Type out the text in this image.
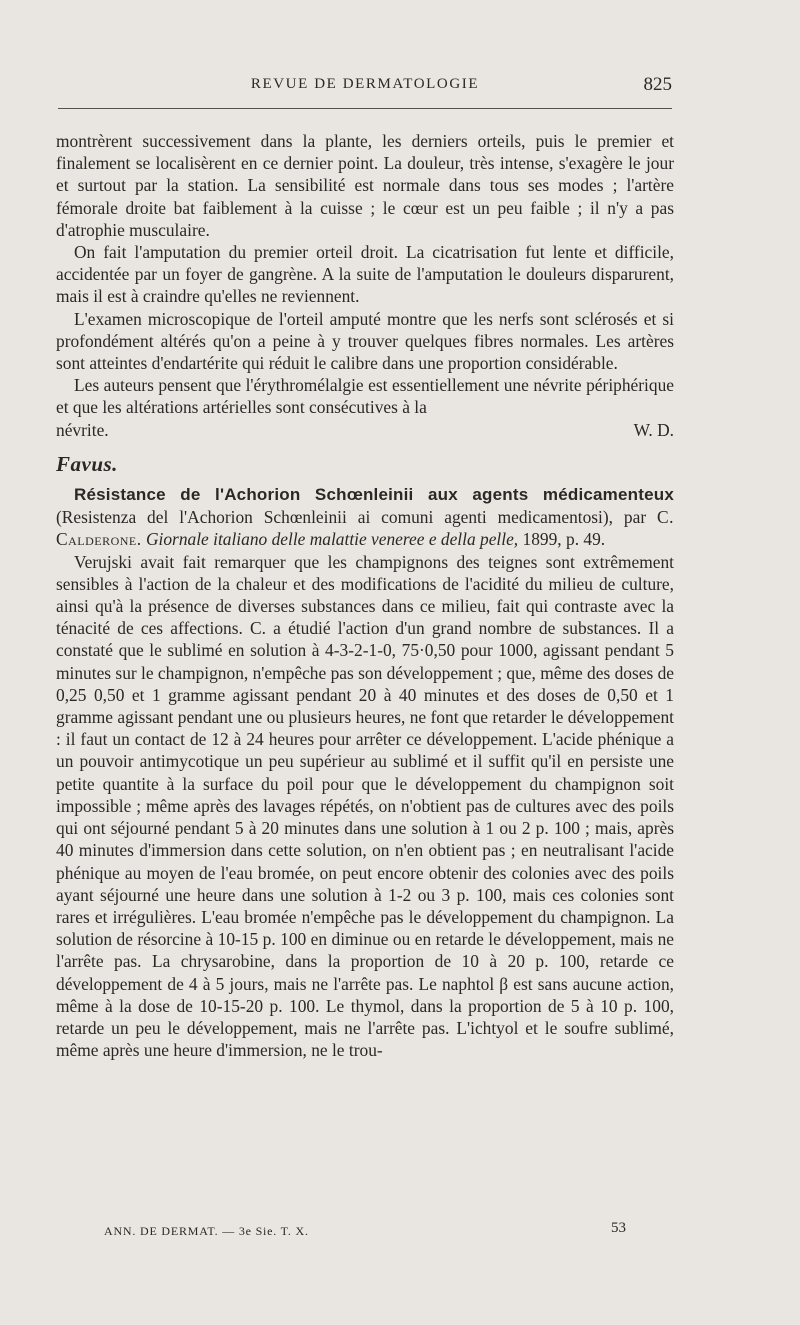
REVUE DE DERMATOLOGIE	825

montrèrent successivement dans la plante, les derniers orteils, puis le premier et finalement se localisèrent en ce dernier point. La douleur, très intense, s'exagère le jour et surtout par la station. La sensibilité est normale dans tous ses modes ; l'artère fémorale droite bat faiblement à la cuisse ; le cœur est un peu faible ; il n'y a pas d'atrophie musculaire.

On fait l'amputation du premier orteil droit. La cicatrisation fut lente et difficile, accidentée par un foyer de gangrène. A la suite de l'amputation le douleurs disparurent, mais il est à craindre qu'elles ne reviennent.

L'examen microscopique de l'orteil amputé montre que les nerfs sont sclérosés et si profondément altérés qu'on a peine à y trouver quelques fibres normales. Les artères sont atteintes d'endartérite qui réduit le calibre dans une proportion considérable.

Les auteurs pensent que l'érythromélalgie est essentiellement une névrite périphérique et que les altérations artérielles sont consécutives à la

névrite.	W. D.
Favus.

Résistance de l'Achorion Schœnleinii aux agents médicamenteux (Resistenza del l'Achorion Schœnleinii ai comuni agenti medicamentosi), par C. Calderone. Giornale italiano delle malattie veneree e della pelle, 1899, p. 49.

Verujski avait fait remarquer que les champignons des teignes sont extrêmement sensibles à l'action de la chaleur et des modifications de l'acidité du milieu de culture, ainsi qu'à la présence de diverses substances dans ce milieu, fait qui contraste avec la ténacité de ces affections. C. a étudié l'action d'un grand nombre de substances. Il a constaté que le sublimé en solution à 4-3-2-1-0, 75·0,50 pour 1000, agissant pendant 5 minutes sur le champignon, n'empêche pas son développement ; que, même des doses de 0,25 0,50 et 1 gramme agissant pendant 20 à 40 minutes et des doses de 0,50 et 1 gramme agissant pendant une ou plusieurs heures, ne font que retarder le développement : il faut un contact de 12 à 24 heures pour arrêter ce développement. L'acide phénique a un pouvoir antimycotique un peu supérieur au sublimé et il suffit qu'il en persiste une petite quantite à la surface du poil pour que le développement du champignon soit impossible ; même après des lavages répétés, on n'obtient pas de cultures avec des poils qui ont séjourné pendant 5 à 20 minutes dans une solution à 1 ou 2 p. 100 ; mais, après 40 minutes d'immersion dans cette solution, on n'en obtient pas ; en neutralisant l'acide phénique au moyen de l'eau bromée, on peut encore obtenir des colonies avec des poils ayant séjourné une heure dans une solution à 1-2 ou 3 p. 100, mais ces colonies sont rares et irrégulières. L'eau bromée n'empêche pas le développement du champignon. La solution de résorcine à 10-15 p. 100 en diminue ou en retarde le développement, mais ne l'arrête pas. La chrysarobine, dans la proportion de 10 à 20 p. 100, retarde ce développement de 4 à 5 jours, mais ne l'arrête pas. Le naphtol β est sans aucune action, même à la dose de 10-15-20 p. 100. Le thymol, dans la proportion de 5 à 10 p. 100, retarde un peu le développement, mais ne l'arrête pas. L'ichtyol et le soufre sublimé, même après une heure d'immersion, ne le trou-

ANN. DE DERMAT. — 3e Sie. T. X.	53
